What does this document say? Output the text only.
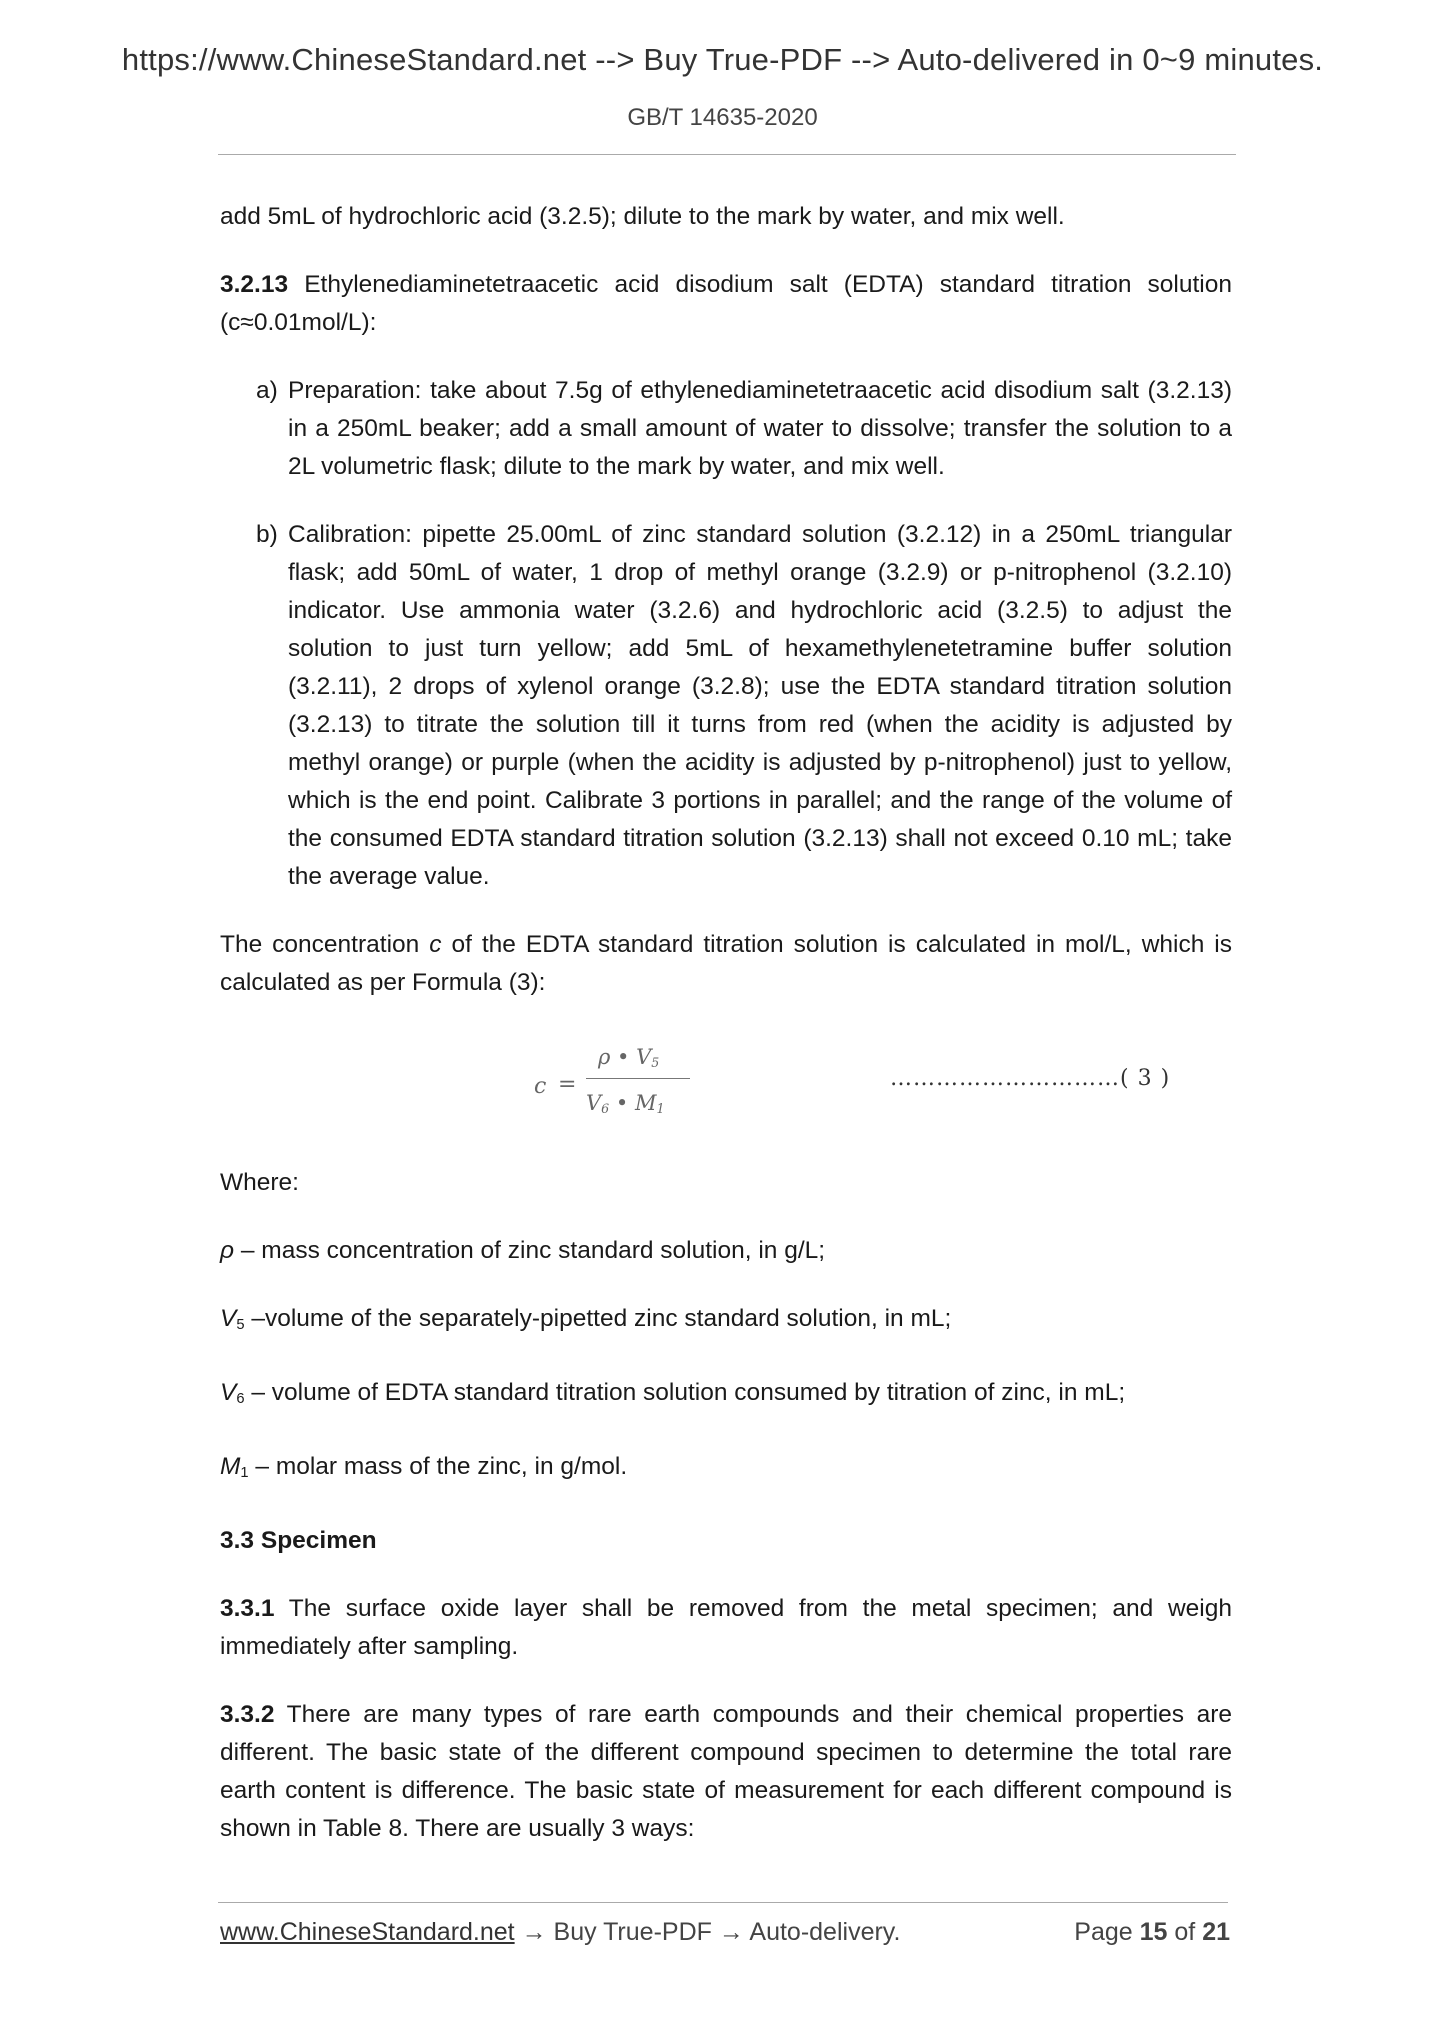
https://www.ChineseStandard.net --> Buy True-PDF --> Auto-delivered in 0~9 minutes.
GB/T 14635-2020

add 5mL of hydrochloric acid (3.2.5); dilute to the mark by water, and mix well.

3.2.13 Ethylenediaminetetraacetic acid disodium salt (EDTA) standard titration solution (c≈0.01mol/L):

a) Preparation: take about 7.5g of ethylenediaminetetraacetic acid disodium salt (3.2.13) in a 250mL beaker; add a small amount of water to dissolve; transfer the solution to a 2L volumetric flask; dilute to the mark by water, and mix well.

b) Calibration: pipette 25.00mL of zinc standard solution (3.2.12) in a 250mL triangular flask; add 50mL of water, 1 drop of methyl orange (3.2.9) or p-nitrophenol (3.2.10) indicator. Use ammonia water (3.2.6) and hydrochloric acid (3.2.5) to adjust the solution to just turn yellow; add 5mL of hexamethylenetetramine buffer solution (3.2.11), 2 drops of xylenol orange (3.2.8); use the EDTA standard titration solution (3.2.13) to titrate the solution till it turns from red (when the acidity is adjusted by methyl orange) or purple (when the acidity is adjusted by p-nitrophenol) just to yellow, which is the end point. Calibrate 3 portions in parallel; and the range of the volume of the consumed EDTA standard titration solution (3.2.13) shall not exceed 0.10 mL; take the average value.

The concentration c of the EDTA standard titration solution is calculated in mol/L, which is calculated as per Formula (3):

c =
ρ • $V_5$
$V_6$ • $M_1$
…………………………( 3 )

Where:

ρ – mass concentration of zinc standard solution, in g/L;

$V_5$ –volume of the separately-pipetted zinc standard solution, in mL;

$V_6$ – volume of EDTA standard titration solution consumed by titration of zinc, in mL;

$M_1$ – molar mass of the zinc, in g/mol.

3.3 Specimen

3.3.1 The surface oxide layer shall be removed from the metal specimen; and weigh immediately after sampling.

3.3.2 There are many types of rare earth compounds and their chemical properties are different. The basic state of the different compound specimen to determine the total rare earth content is difference. The basic state of measurement for each different compound is shown in Table 8. There are usually 3 ways:

www.ChineseStandard.net → Buy True-PDF → Auto-delivery.	Page 15 of 21
